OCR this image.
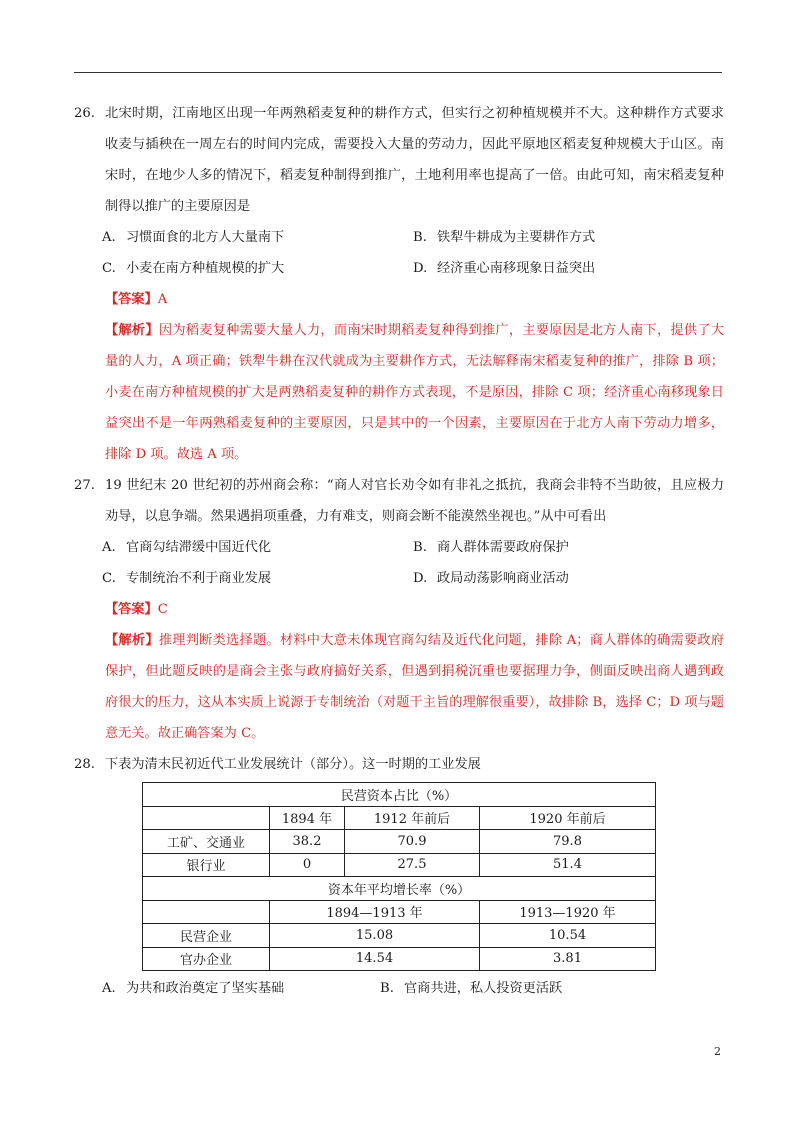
26. 北宋时期，江南地区出现一年两熟稻麦复种的耕作方式，但实行之初种植规模并不大。这种耕作方式要求收麦与插秧在一周左右的时间内完成，需要投入大量的劳动力，因此平原地区稻麦复种规模大于山区。南宋时，在地少人多的情况下，稻麦复种制得到推广，土地利用率也提高了一倍。由此可知，南宋稻麦复种制得以推广的主要原因是
A. 习惯面食的北方人大量南下	B. 铁犁牛耕成为主要耕作方式
C. 小麦在南方种植规模的扩大	D. 经济重心南移现象日益突出
【答案】A
【解析】因为稻麦复种需要大量人力，而南宋时期稻麦复种得到推广，主要原因是北方人南下，提供了大量的人力，A 项正确；铁犁牛耕在汉代就成为主要耕作方式，无法解释南宋稻麦复种的推广，排除 B 项；小麦在南方种植规模的扩大是两熟稻麦复种的耕作方式表现，不是原因，排除 C 项；经济重心南移现象日益突出不是一年两熟稻麦复种的主要原因，只是其中的一个因素，主要原因在于北方人南下劳动力增多，排除 D 项。故选 A 项。
27. 19 世纪末 20 世纪初的苏州商会称：“商人对官长劝令如有非礼之抵抗，我商会非特不当助彼，且应极力劝导，以息争端。然果遇捐项重叠，力有难支，则商会断不能漠然坐视也。”从中可看出
A. 官商勾结滞缓中国近代化	B. 商人群体需要政府保护
C. 专制统治不利于商业发展	D. 政局动荡影响商业活动
【答案】C
【解析】推理判断类选择题。材料中大意未体现官商勾结及近代化问题，排除 A；商人群体的确需要政府保护，但此题反映的是商会主张与政府搞好关系，但遇到捐税沉重也要据理力争，侧面反映出商人遇到政府很大的压力，这从本实质上说源于专制统治（对题干主旨的理解很重要），故排除 B，选择 C；D 项与题意无关。故正确答案为 C。
28. 下表为清末民初近代工业发展统计（部分）。这一时期的工业发展
民营资本占比（%）			
	1894 年	1912 年前后	1920 年前后
工矿、交通业	38.2	70.9	79.8
银行业	0	27.5	51.4
资本年平均增长率（%）			
	1894—1913 年		1913—1920 年
民营企业	15.08		10.54
官办企业	14.54		3.81
A. 为共和政治奠定了坚实基础	B. 官商共进，私人投资更活跃
2
